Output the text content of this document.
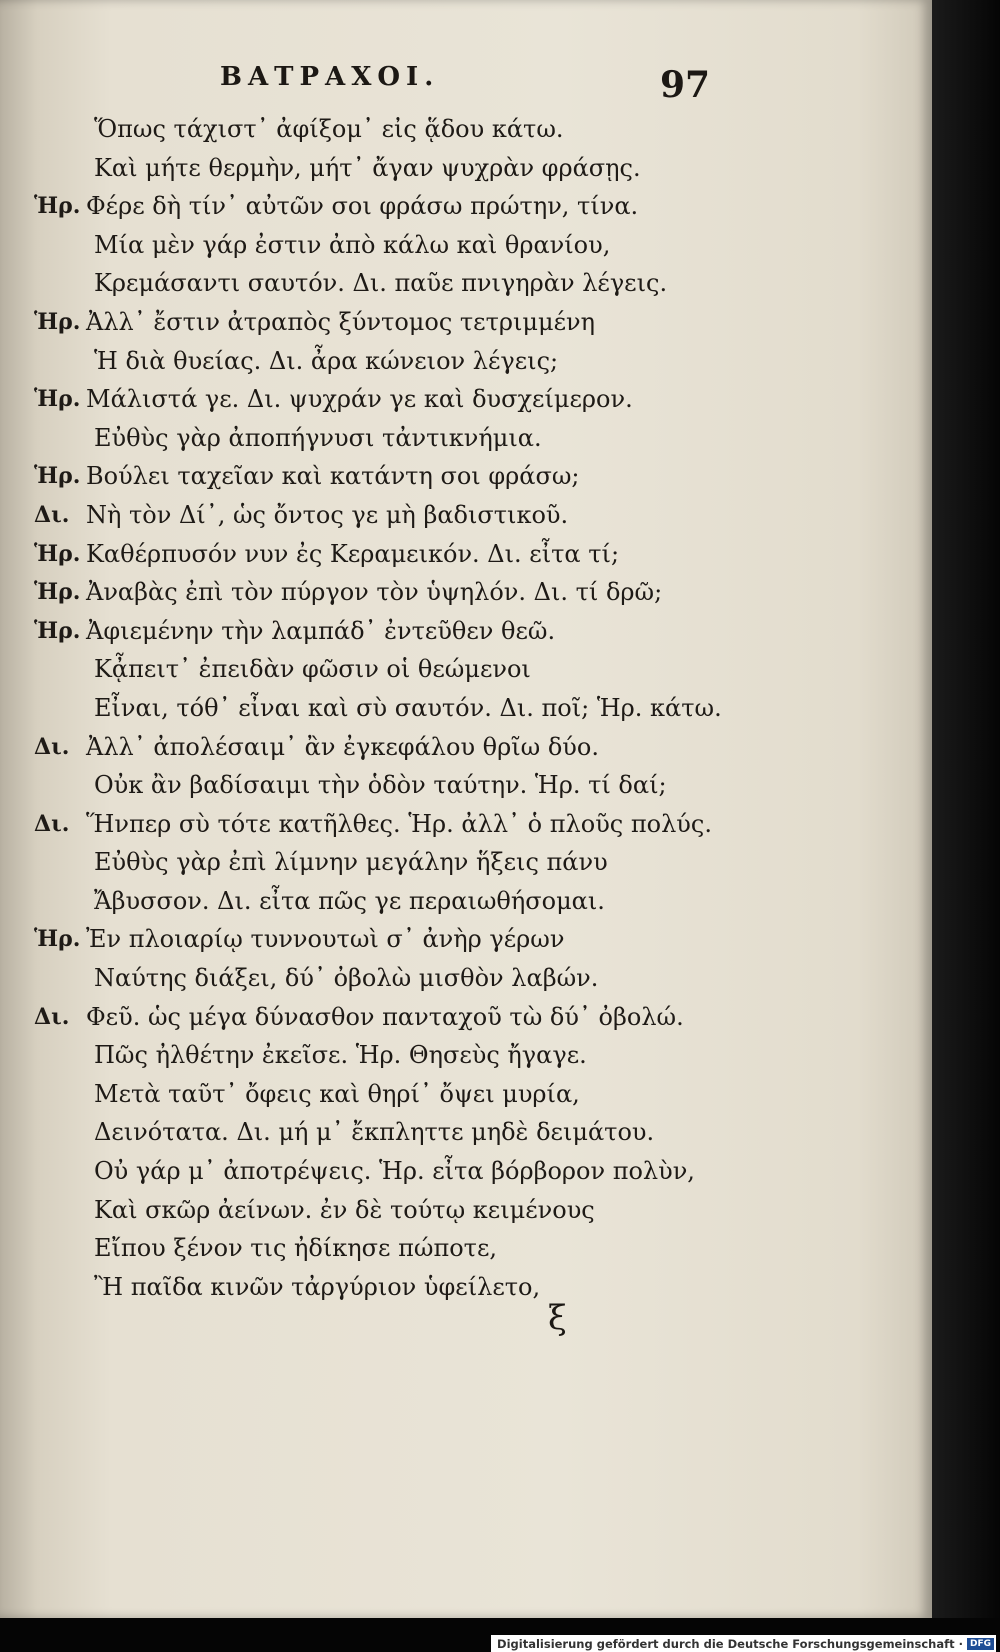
ΒΑΤΡΑΧΟΙ.	97
Ὅπως τάχιστ᾽ ἀφίξομ᾽ εἰς ᾅδου κάτω.
Καὶ μήτε θερμὴν, μήτ᾽ ἄγαν ψυχρὰν φράσῃς.
Ἡρ. Φέρε δὴ τίν᾽ αὐτῶν σοι φράσω πρώτην, τίνα.
Μία μὲν γάρ ἐστιν ἀπὸ κάλω καὶ θρανίου,
Κρεμάσαντι σαυτόν. Δι. παῦε πνιγηρὰν λέγεις.
Ἡρ. Ἀλλ᾽ ἔστιν ἀτραπὸς ξύντομος τετριμμένη
Ἡ διὰ θυείας. Δι. ἆρα κώνειον λέγεις;
Ἡρ. Μάλιστά γε. Δι. ψυχράν γε καὶ δυσχείμερον.
Εὐθὺς γὰρ ἀποπήγνυσι τἀντικνήμια.
Ἡρ. Βούλει ταχεῖαν καὶ κατάντη σοι φράσω;
Δι. Νὴ τὸν Δί᾽, ὡς ὄντος γε μὴ βαδιστικοῦ.
Ἡρ. Καθέρπυσόν νυν ἐς Κεραμεικόν. Δι. εἶτα τί;
Ἡρ. Ἀναβὰς ἐπὶ τὸν πύργον τὸν ὑψηλόν. Δι. τί δρῶ;
Ἡρ. Ἀφιεμένην τὴν λαμπάδ᾽ ἐντεῦθεν θεῶ.
Κᾆπειτ᾽ ἐπειδὰν φῶσιν οἱ θεώμενοι
Εἶναι, τόθ᾽ εἶναι καὶ σὺ σαυτόν. Δι. ποῖ; Ἡρ. κάτω.
Δι. Ἀλλ᾽ ἀπολέσαιμ᾽ ἂν ἐγκεφάλου θρῖω δύο.
Οὐκ ἂν βαδίσαιμι τὴν ὁδὸν ταύτην. Ἡρ. τί δαί;
Δι. Ἥνπερ σὺ τότε κατῆλθες. Ἡρ. ἀλλ᾽ ὁ πλοῦς πολύς.
Εὐθὺς γὰρ ἐπὶ λίμνην μεγάλην ἥξεις πάνυ
Ἄβυσσον. Δι. εἶτα πῶς γε περαιωθήσομαι.
Ἡρ. Ἐν πλοιαρίῳ τυννουτωὶ σ᾽ ἀνὴρ γέρων
Ναύτης διάξει, δύ᾽ ὀβολὼ μισθὸν λαβών.
Δι. Φεῦ. ὡς μέγα δύνασθον πανταχοῦ τὼ δύ᾽ ὀβολώ.
Πῶς ἠλθέτην ἐκεῖσε. Ἡρ. Θησεὺς ἤγαγε.
Μετὰ ταῦτ᾽ ὄφεις καὶ θηρί᾽ ὄψει μυρία,
Δεινότατα. Δι. μή μ᾽ ἔκπληττε μηδὲ δειμάτου.
Οὐ γάρ μ᾽ ἀποτρέψεις. Ἡρ. εἶτα βόρβορον πολὺν,
Καὶ σκῶρ ἀείνων. ἐν δὲ τούτῳ κειμένους
Εἴπου ξένον τις ἠδίκησε πώποτε,
Ἢ παῖδα κινῶν τἀργύριον ὑφείλετο,
ξ
Digitalisierung gefördert durch die Deutsche Forschungsgemeinschaft · DFG
